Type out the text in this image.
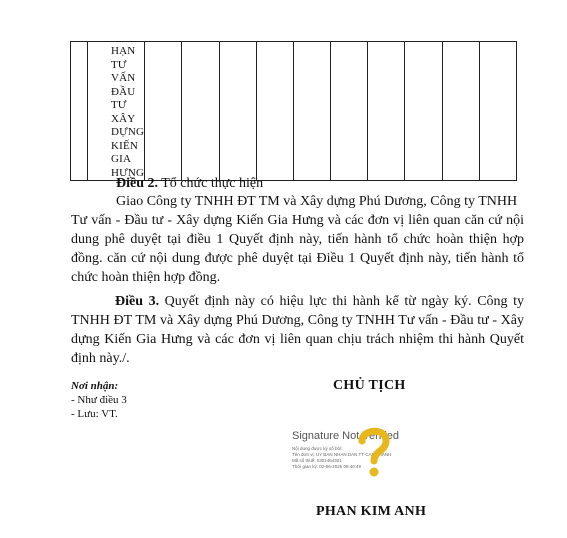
HẠN TƯ
VẤN
ĐẦU TƯ
XÂY
DỰNG
KIẾN
GIA
HƯNG

Điều 2. Tổ chức thực hiện
Giao Công ty TNHH ĐT TM và Xây dựng Phú Dương, Công ty TNHH
Tư vấn - Đầu tư - Xây dựng Kiến Gia Hưng và các đơn vị liên quan căn cứ nội dung phê duyệt tại điều 1 Quyết định này, tiến hành tổ chức hoàn thiện hợp đồng. căn cứ nội dung được phê duyệt tại Điều 1 Quyết định này, tiến hành tổ chức hoàn thiện hợp đồng.
Điều 3. Quyết định này có hiệu lực thi hành kể từ ngày ký. Công ty TNHH ĐT TM và Xây dựng Phú Dương, Công ty TNHH Tư vấn - Đầu tư - Xây dựng Kiến Gia Hưng và các đơn vị liên quan chịu trách nhiệm thi hành Quyết định này./.
Nơi nhận:
- Như điều 3
- Lưu: VT.
CHỦ TỊCH
Signature Not Verified
Nội dung được ký số bởi:
Tên đơn vị: UY BAN NHAN DAN TT CAN THANH
Mã số thuế: 0301464301
Thời gian ký: 02-06-2025 08:40:49
PHAN KIM ANH
